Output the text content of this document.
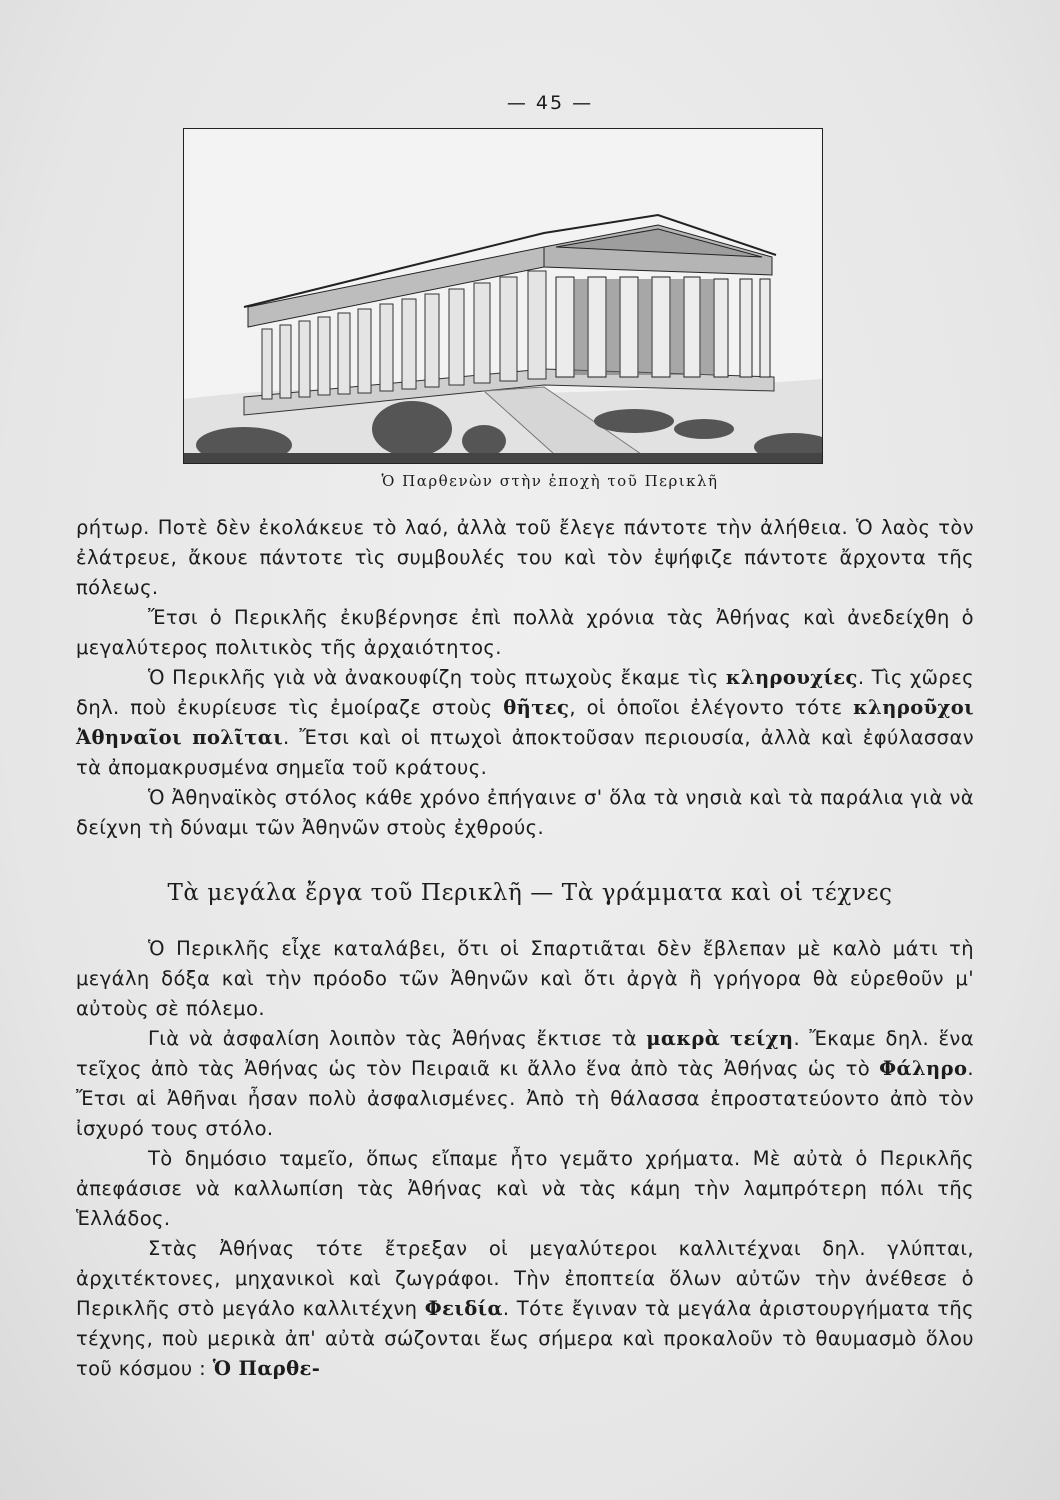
— 45 —
Ὁ Παρθενὼν στὴν ἐποχὴ τοῦ Περικλῆ

ρήτωρ. Ποτὲ δὲν ἐκολάκευε τὸ λαό, ἀλλὰ τοῦ ἔλεγε πάντοτε τὴν ἀλήθεια. Ὁ λαὸς τὸν ἐλάτρευε, ἄκουε πάντοτε τὶς συμβουλές του καὶ τὸν ἐψήφιζε πάντοτε ἄρχοντα τῆς πόλεως.

Ἔτσι ὁ Περικλῆς ἐκυβέρνησε ἐπὶ πολλὰ χρόνια τὰς Ἀθήνας καὶ ἀνεδείχθη ὁ μεγαλύτερος πολιτικὸς τῆς ἀρχαιότητος.

Ὁ Περικλῆς γιὰ νὰ ἀνακουφίζη τοὺς πτωχοὺς ἔκαμε τὶς κληρουχίες. Τὶς χῶρες δηλ. ποὺ ἐκυρίευσε τὶς ἐμοίραζε στοὺς θῆτες, οἱ ὁποῖοι ἐλέγοντο τότε κληροῦχοι Ἀθηναῖοι πολῖται. Ἔτσι καὶ οἱ πτωχοὶ ἀποκτοῦσαν περιουσία, ἀλλὰ καὶ ἐφύλασσαν τὰ ἀπομακρυσμένα σημεῖα τοῦ κράτους.

Ὁ Ἀθηναϊκὸς στόλος κάθε χρόνο ἐπήγαινε σ' ὅλα τὰ νησιὰ καὶ τὰ παράλια γιὰ νὰ δείχνη τὴ δύναμι τῶν Ἀθηνῶν στοὺς ἐχθρούς.

Τὰ μεγάλα ἔργα τοῦ Περικλῆ — Τὰ γράμματα καὶ οἱ τέχνες

Ὁ Περικλῆς εἶχε καταλάβει, ὅτι οἱ Σπαρτιᾶται δὲν ἔβλεπαν μὲ καλὸ μάτι τὴ μεγάλη δόξα καὶ τὴν πρόοδο τῶν Ἀθηνῶν καὶ ὅτι ἀργὰ ἢ γρήγορα θὰ εὑρεθοῦν μ' αὐτοὺς σὲ πόλεμο.

Γιὰ νὰ ἀσφαλίση λοιπὸν τὰς Ἀθήνας ἔκτισε τὰ μακρὰ τείχη. Ἔκαμε δηλ. ἕνα τεῖχος ἀπὸ τὰς Ἀθήνας ὡς τὸν Πειραιᾶ κι ἄλλο ἕνα ἀπὸ τὰς Ἀθήνας ὡς τὸ Φάληρο. Ἔτσι αἱ Ἀθῆναι ἦσαν πολὺ ἀσφαλισμένες. Ἀπὸ τὴ θάλασσα ἐπροστατεύοντο ἀπὸ τὸν ἰσχυρό τους στόλο.

Τὸ δημόσιο ταμεῖο, ὅπως εἴπαμε ἦτο γεμᾶτο χρήματα. Μὲ αὐτὰ ὁ Περικλῆς ἀπεφάσισε νὰ καλλωπίση τὰς Ἀθήνας καὶ νὰ τὰς κάμη τὴν λαμπρότερη πόλι τῆς Ἑλλάδος.

Στὰς Ἀθήνας τότε ἔτρεξαν οἱ μεγαλύτεροι καλλιτέχναι δηλ. γλύπται, ἀρχιτέκτονες, μηχανικοὶ καὶ ζωγράφοι. Τὴν ἐποπτεία ὅλων αὐτῶν τὴν ἀνέθεσε ὁ Περικλῆς στὸ μεγάλο καλλιτέχνη Φειδία. Τότε ἔγιναν τὰ μεγάλα ἀριστουργήματα τῆς τέχνης, ποὺ μερικὰ ἀπ' αὐτὰ σώζονται ἕως σήμερα καὶ προκαλοῦν τὸ θαυμασμὸ ὅλου τοῦ κόσμου : Ὁ Παρθε-
